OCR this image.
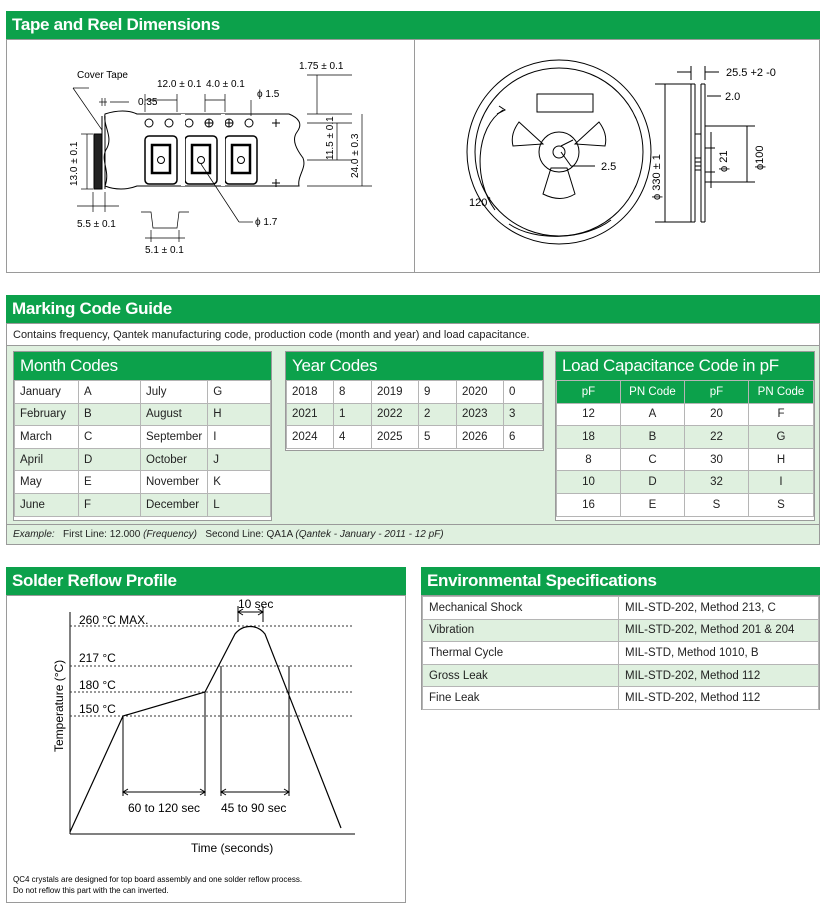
Tape and Reel Dimensions
Cover Tape
0.35
12.0 ± 0.1 4.0 ± 0.1
ϕ 1.5
1.75 ± 0.1
13.0 ± 0.1
11.5 ± 0.1 24.0 ± 0.3
5.5 ± 0.1	ϕ 1.7
5.1 ± 0.1
25.5 +2 -0
2.0
2.5	ϕ 330 ± 1	ϕ 21 ϕ100
120˚
Marking Code Guide
Contains frequency, Qantek manufacturing code, production code (month and year) and load capacitance.
Month Codes
January	A	July	G
February	B	August	H
March	C	September	I
April	D	October	J
May	E	November	K
June	F	December	L
Year Codes
2018	8	2019	9	2020	0
2021	1	2022	2	2023	3
2024	4	2025	5	2026	6
Load Capacitance Code in pF
pF	PN Code	pF	PN Code
12	A	20	F
18	B	22	G
8	C	30	H
10	D	32	I
16	E	S	S
Example: First Line: 12.000 (Frequency) Second Line: QA1A (Qantek - January - 2011 - 12 pF)
Solder Reflow Profile
260 °C MAX.
217 °C
180 °C
150 °C
10 sec
60 to 120 sec 45 to 90 sec
Time (seconds)
Temperature (°C)
QC4 crystals are designed for top board assembly and one solder reflow process.
Do not reflow this part with the can inverted.
Environmental Specifications
Mechanical Shock	MIL-STD-202, Method 213, C
Vibration	MIL-STD-202, Method 201 & 204
Thermal Cycle	MIL-STD, Method 1010, B
Gross Leak	MIL-STD-202, Method 112
Fine Leak	MIL-STD-202, Method 112
